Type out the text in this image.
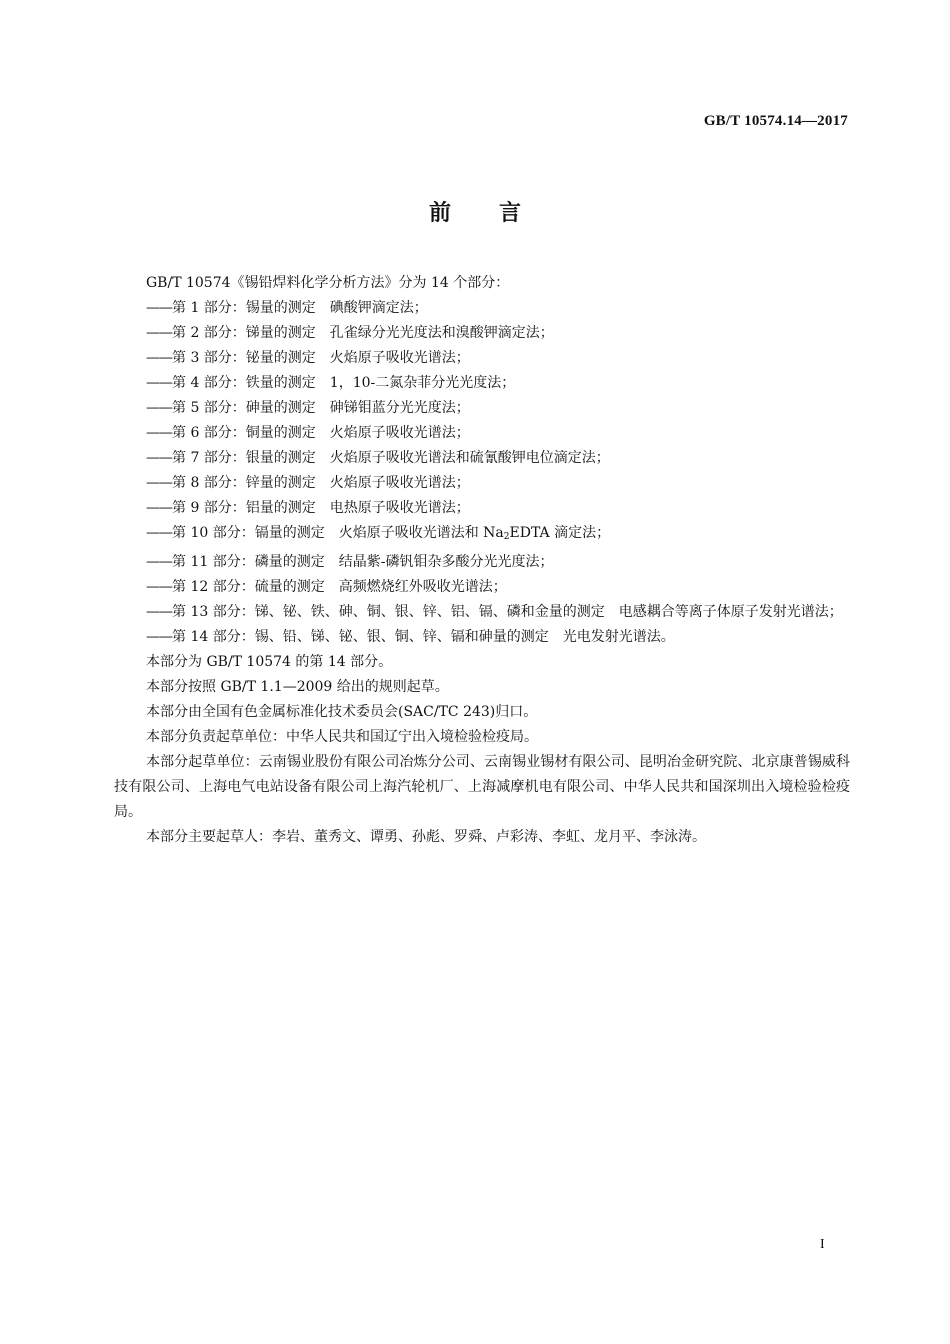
GB/T 10574.14—2017
前 言

GB/T 10574《锡铅焊料化学分析方法》分为 14 个部分：

——第 1 部分：锡量的测定　碘酸钾滴定法；

——第 2 部分：锑量的测定　孔雀绿分光光度法和溴酸钾滴定法；

——第 3 部分：铋量的测定　火焰原子吸收光谱法；

——第 4 部分：铁量的测定　1，10-二氮杂菲分光光度法；

——第 5 部分：砷量的测定　砷锑钼蓝分光光度法；

——第 6 部分：铜量的测定　火焰原子吸收光谱法；

——第 7 部分：银量的测定　火焰原子吸收光谱法和硫氰酸钾电位滴定法；

——第 8 部分：锌量的测定　火焰原子吸收光谱法；

——第 9 部分：铝量的测定　电热原子吸收光谱法；

——第 10 部分：镉量的测定　火焰原子吸收光谱法和 $Na_2EDTA$ 滴定法；

——第 11 部分：磷量的测定　结晶紫-磷钒钼杂多酸分光光度法；

——第 12 部分：硫量的测定　高频燃烧红外吸收光谱法；

——第 13 部分：锑、铋、铁、砷、铜、银、锌、铝、镉、磷和金量的测定　电感耦合等离子体原子发射光谱法；

——第 14 部分：锡、铅、锑、铋、银、铜、锌、镉和砷量的测定　光电发射光谱法。

本部分为 GB/T 10574 的第 14 部分。

本部分按照 GB/T 1.1—2009 给出的规则起草。

本部分由全国有色金属标准化技术委员会(SAC/TC 243)归口。

本部分负责起草单位：中华人民共和国辽宁出入境检验检疫局。

本部分起草单位：云南锡业股份有限公司冶炼分公司、云南锡业锡材有限公司、昆明冶金研究院、北京康普锡威科技有限公司、上海电气电站设备有限公司上海汽轮机厂、上海减摩机电有限公司、中华人民共和国深圳出入境检验检疫局。

本部分主要起草人：李岩、董秀文、谭勇、孙彪、罗舜、卢彩涛、李虹、龙月平、李泳涛。

I
